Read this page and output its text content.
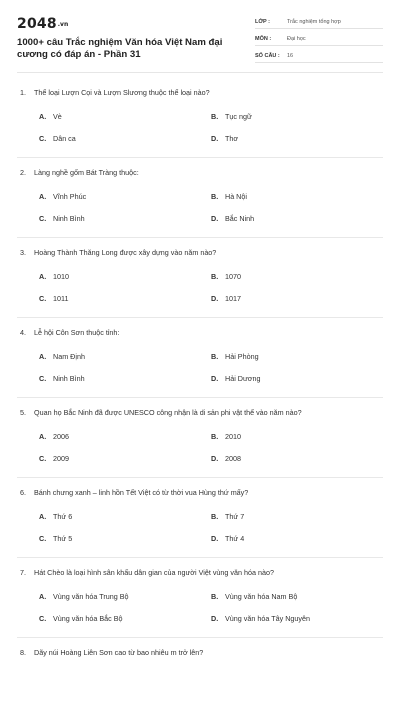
2048.vn
1000+ câu Trắc nghiệm Văn hóa Việt Nam đại cương có đáp án - Phần 31
LỚP :	Trắc nghiệm tổng hợp
MÔN :	Đại học
SỐ CÂU :	16
1.	Thể loại Lượn Cọi và Lượn Slương thuộc thể loại nào?
A. Vè	B. Tục ngữ
C. Dân ca	D. Thơ
2.	Làng nghề gốm Bát Tràng thuộc:
A. Vĩnh Phúc	B. Hà Nội
C. Ninh Bình	D. Bắc Ninh
3.	Hoàng Thành Thăng Long được xây dựng vào năm nào?
A. 1010	B. 1070
C. 1011	D. 1017
4.	Lễ hội Côn Sơn thuộc tỉnh:
A. Nam Định	B. Hải Phòng
C. Ninh Bình	D. Hải Dương
5.	Quan họ Bắc Ninh đã được UNESCO công nhận là di sản phi vật thể vào năm nào?
A. 2006	B. 2010
C. 2009	D. 2008
6.	Bánh chưng xanh – linh hồn Tết Việt có từ thời vua Hùng thứ mấy?
A. Thứ 6	B. Thứ 7
C. Thứ 5	D. Thứ 4
7.	Hát Chèo là loại hình sân khấu dân gian của người Việt vùng văn hóa nào?
A. Vùng văn hóa Trung Bộ	B. Vùng văn hóa Nam Bộ
C. Vùng văn hóa Bắc Bộ	D. Vùng văn hóa Tây Nguyên
8.	Dãy núi Hoàng Liên Sơn cao từ bao nhiêu m trở lên?
